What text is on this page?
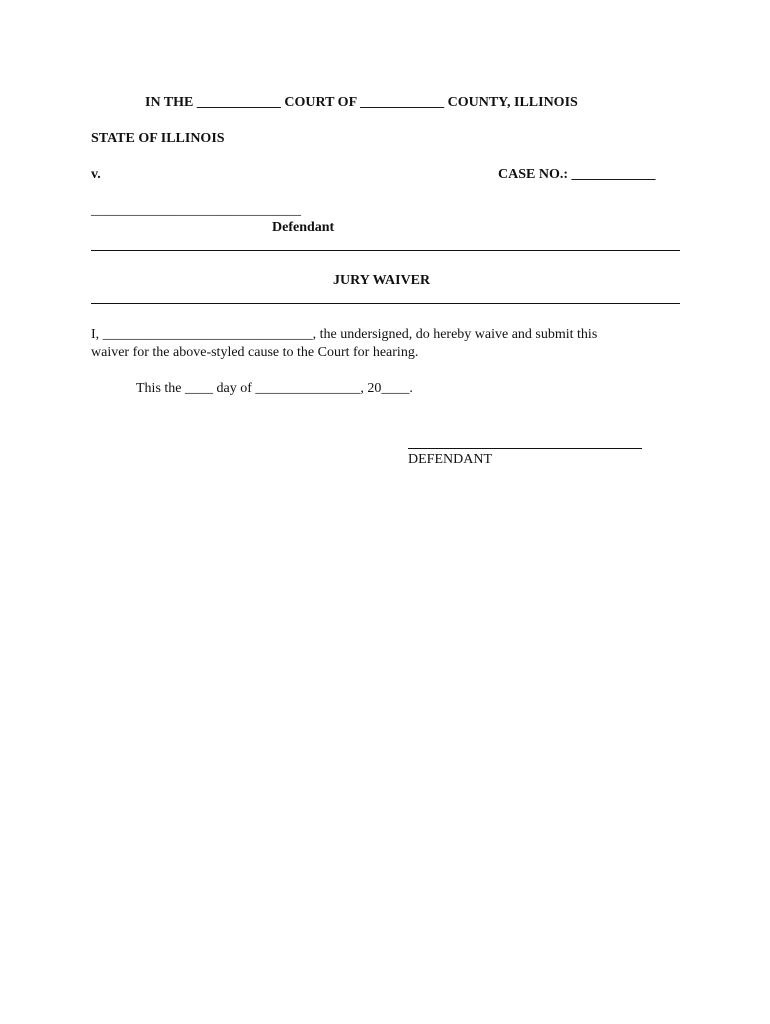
IN THE ____________ COURT OF ____________ COUNTY, ILLINOIS
STATE OF ILLINOIS
v.	CASE NO.: ____________
______________________________
Defendant
JURY WAIVER
I, ______________________________, the undersigned, do hereby waive and submit this
waiver for the above-styled cause to the Court for hearing.
This the ____ day of _______________, 20____.
DEFENDANT
